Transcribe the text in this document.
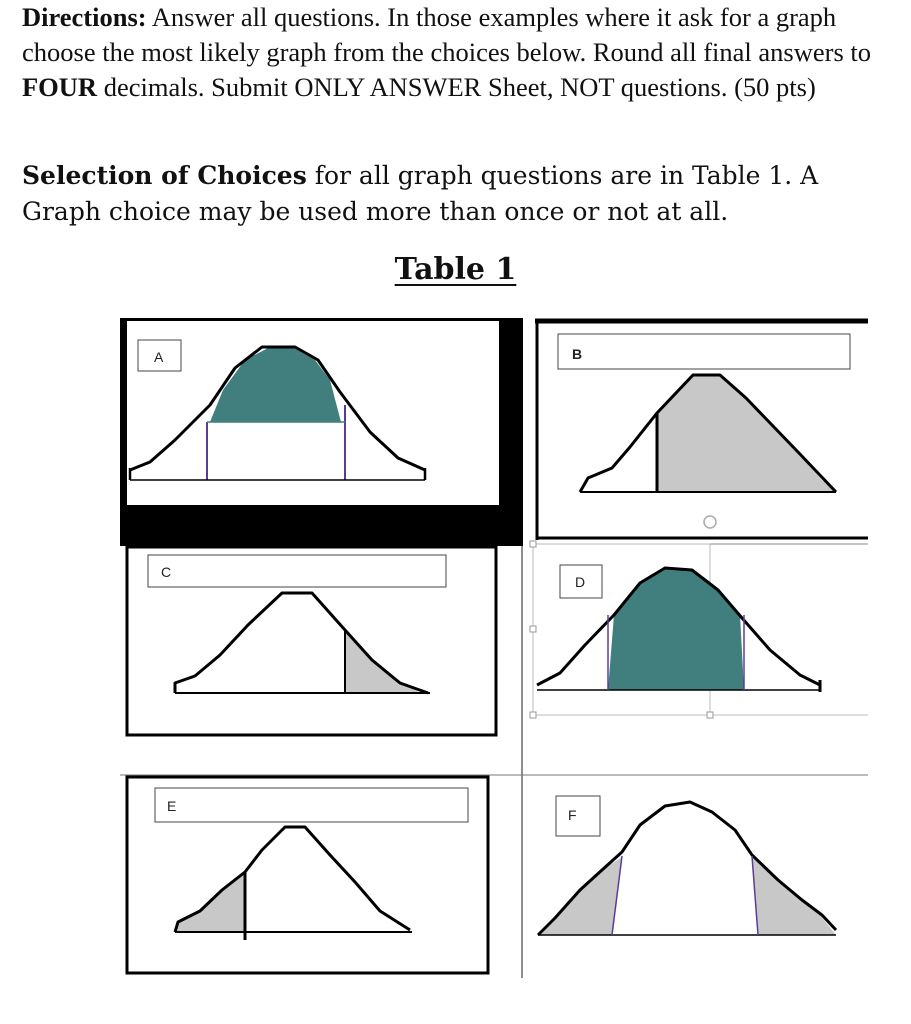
Directions: Answer all questions. In those examples where it ask for a graph choose the most likely graph from the choices below. Round all final answers to FOUR decimals. Submit ONLY ANSWER Sheet, NOT questions. (50 pts)
Selection of Choices for all graph questions are in Table 1. A Graph choice may be used more than once or not at all.
Table 1
A	B
C
D
E
F
